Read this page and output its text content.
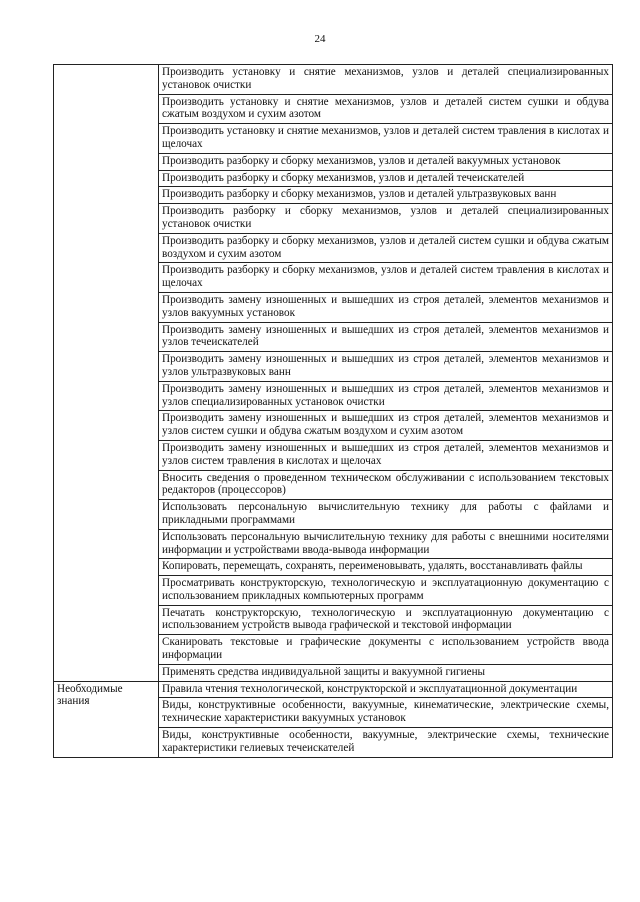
24
	Производить установку и снятие механизмов, узлов и деталей специализированных установок очистки
	Производить установку и снятие механизмов, узлов и деталей систем сушки и обдува сжатым воздухом и сухим азотом
	Производить установку и снятие механизмов, узлов и деталей систем травления в кислотах и щелочах
	Производить разборку и сборку механизмов, узлов и деталей вакуумных установок
	Производить разборку и сборку механизмов, узлов и деталей течеискателей
	Производить разборку и сборку механизмов, узлов и деталей ультразвуковых ванн
	Производить разборку и сборку механизмов, узлов и деталей специализированных установок очистки
	Производить разборку и сборку механизмов, узлов и деталей систем сушки и обдува сжатым воздухом и сухим азотом
	Производить разборку и сборку механизмов, узлов и деталей систем травления в кислотах и щелочах
	Производить замену изношенных и вышедших из строя деталей, элементов механизмов и узлов вакуумных установок
	Производить замену изношенных и вышедших из строя деталей, элементов механизмов и узлов течеискателей
	Производить замену изношенных и вышедших из строя деталей, элементов механизмов и узлов ультразвуковых ванн
	Производить замену изношенных и вышедших из строя деталей, элементов механизмов и узлов специализированных установок очистки
	Производить замену изношенных и вышедших из строя деталей, элементов механизмов и узлов систем сушки и обдува сжатым воздухом и сухим азотом
	Производить замену изношенных и вышедших из строя деталей, элементов механизмов и узлов систем травления в кислотах и щелочах
	Вносить сведения о проведенном техническом обслуживании с использованием текстовых редакторов (процессоров)
	Использовать персональную вычислительную технику для работы с файлами и прикладными программами
	Использовать персональную вычислительную технику для работы с внешними носителями информации и устройствами ввода-вывода информации
	Копировать, перемещать, сохранять, переименовывать, удалять, восстанавливать файлы
	Просматривать конструкторскую, технологическую и эксплуатационную документацию с использованием прикладных компьютерных программ
	Печатать конструкторскую, технологическую и эксплуатационную документацию с использованием устройств вывода графической и текстовой информации
	Сканировать текстовые и графические документы с использованием устройств ввода информации
	Применять средства индивидуальной защиты и вакуумной гигиены

Необходимые знания	Правила чтения технологической, конструкторской и эксплуатационной документации
	Виды, конструктивные особенности, вакуумные, кинематические, электрические схемы, технические характеристики вакуумных установок
	Виды, конструктивные особенности, вакуумные, электрические схемы, технические характеристики гелиевых течеискателей
